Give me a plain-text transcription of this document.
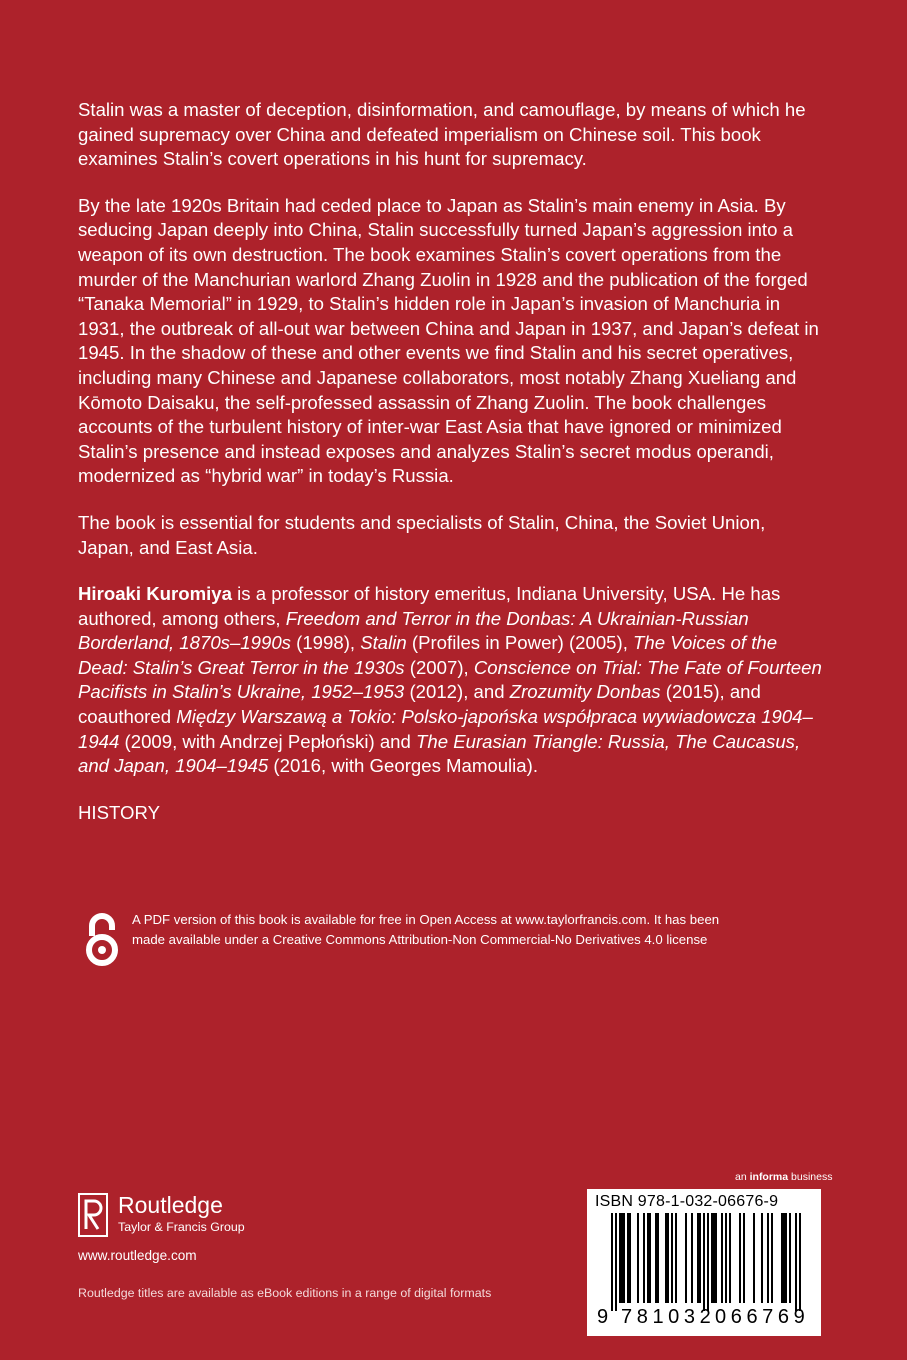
Stalin was a master of deception, disinformation, and camouflage, by means of which he gained supremacy over China and defeated imperialism on Chinese soil. This book examines Stalin’s covert operations in his hunt for supremacy.

By the late 1920s Britain had ceded place to Japan as Stalin’s main enemy in Asia. By seducing Japan deeply into China, Stalin successfully turned Japan’s aggression into a weapon of its own destruction. The book examines Stalin’s covert operations from the murder of the Manchurian warlord Zhang Zuolin in 1928 and the publication of the forged “Tanaka Memorial” in 1929, to Stalin’s hidden role in Japan’s invasion of Manchuria in 1931, the outbreak of all-out war between China and Japan in 1937, and Japan’s defeat in 1945. In the shadow of these and other events we find Stalin and his secret operatives, including many Chinese and Japanese collaborators, most notably Zhang Xueliang and Kōmoto Daisaku, the self-professed assassin of Zhang Zuolin. The book challenges accounts of the turbulent history of inter-war East Asia that have ignored or minimized Stalin’s presence and instead exposes and analyzes Stalin’s secret modus operandi, modernized as “hybrid war” in today’s Russia.

The book is essential for students and specialists of Stalin, China, the Soviet Union, Japan, and East Asia.

Hiroaki Kuromiya is a professor of history emeritus, Indiana University, USA. He has authored, among others, Freedom and Terror in the Donbas: A Ukrainian-Russian Borderland, 1870s–1990s (1998), Stalin (Profiles in Power) (2005), The Voices of the Dead: Stalin’s Great Terror in the 1930s (2007), Conscience on Trial: The Fate of Fourteen Pacifists in Stalin’s Ukraine, 1952–1953 (2012), and Zrozumity Donbas (2015), and coauthored Między Warszawą a Tokio: Polsko-japońska współpraca wywiadowcza 1904–1944 (2009, with Andrzej Pepłoński) and The Eurasian Triangle: Russia, The Caucasus, and Japan, 1904–1945 (2016, with Georges Mamoulia).

HISTORY

A PDF version of this book is available for free in Open Access at www.taylorfrancis.com. It has been
made available under a Creative Commons Attribution-Non Commercial-No Derivatives 4.0 license
Routledge
Taylor & Francis Group
www.routledge.com
Routledge titles are available as eBook editions in a range of digital formats
an informa business
ISBN 978-1-032-06676-9
9 781032 066769
